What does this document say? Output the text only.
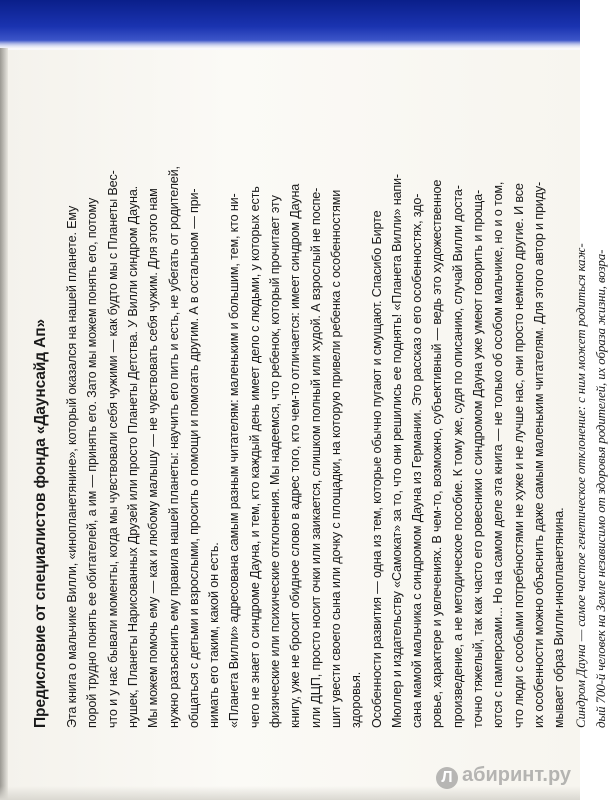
Предисловие от специалистов фонда «Даунсайд Ап» Эта книга о мальчике Вилли, «инопланетянине», который оказался на нашей планете. Ему порой трудно понять ее обитателей, а им — принять его. Зато мы можем понять его, потому что и у нас бывали моменты, когда мы чувствовали себя чужими — как будто мы с Планеты Вес- нушек, Планеты Нарисованных Друзей или просто Планеты Детства. У Вилли синдром Дауна. Мы можем помочь ему — как и любому малышу — не чувствовать себя чужим. Для этого нам нужно разъяснить ему правила нашей планеты: научить его пить и есть, не убегать от родителей, общаться с детьми и взрослыми, просить о помощи и помогать другим. А в остальном — при- нимать его таким, какой он есть. «Планета Вилли» адресована самым разным читателям: маленьким и большим, тем, кто ни- чего не знает о синдроме Дауна, и тем, кто каждый день имеет дело с людьми, у которых есть физические или психические отклонения. Мы надеемся, что ребенок, который прочитает эту книгу, уже не бросит обидное слово в адрес того, кто чем-то отличается: имеет синдром Дауна или ДЦП, просто носит очки или заикается, слишком полный или худой. А взрослый не поспе- шит увести своего сына или дочку с площадки, на которую привели ребенка с особенностями здоровья. Особенности развития — одна из тем, которые обычно пугают и смущают. Спасибо Бирте Мюллер и издательству «Самокат» за то, что они решились ее поднять! «Планета Вилли» напи- сана мамой мальчика с синдромом Дауна из Германии. Это рассказ о его особенностях, здо- ровье, характере и увлечениях. В чем-то, возможно, субъективный — ведь это художественное произведение, а не методическое пособие. К тому же, судя по описанию, случай Вилли доста- точно тяжелый, так как часто его ровесники с синдромом Дауна уже умеют говорить и проща- ются с памперсами... Но на самом деле эта книга — не только об особом мальчике, но и о том, что люди с особыми потребностями не хуже и не лучше нас, они просто немного другие. И все их особенности можно объяснить даже самым маленьким читателям. Для этого автор и приду- мывает образ Вилли-инопланетянина. Синдром Дауна — самое частое генетическое отклонение: с ним может родиться каж- дый 700-й человек на Земле независимо от здоровья родителей, их образа жизни, возра-
Л абиринт.ру
